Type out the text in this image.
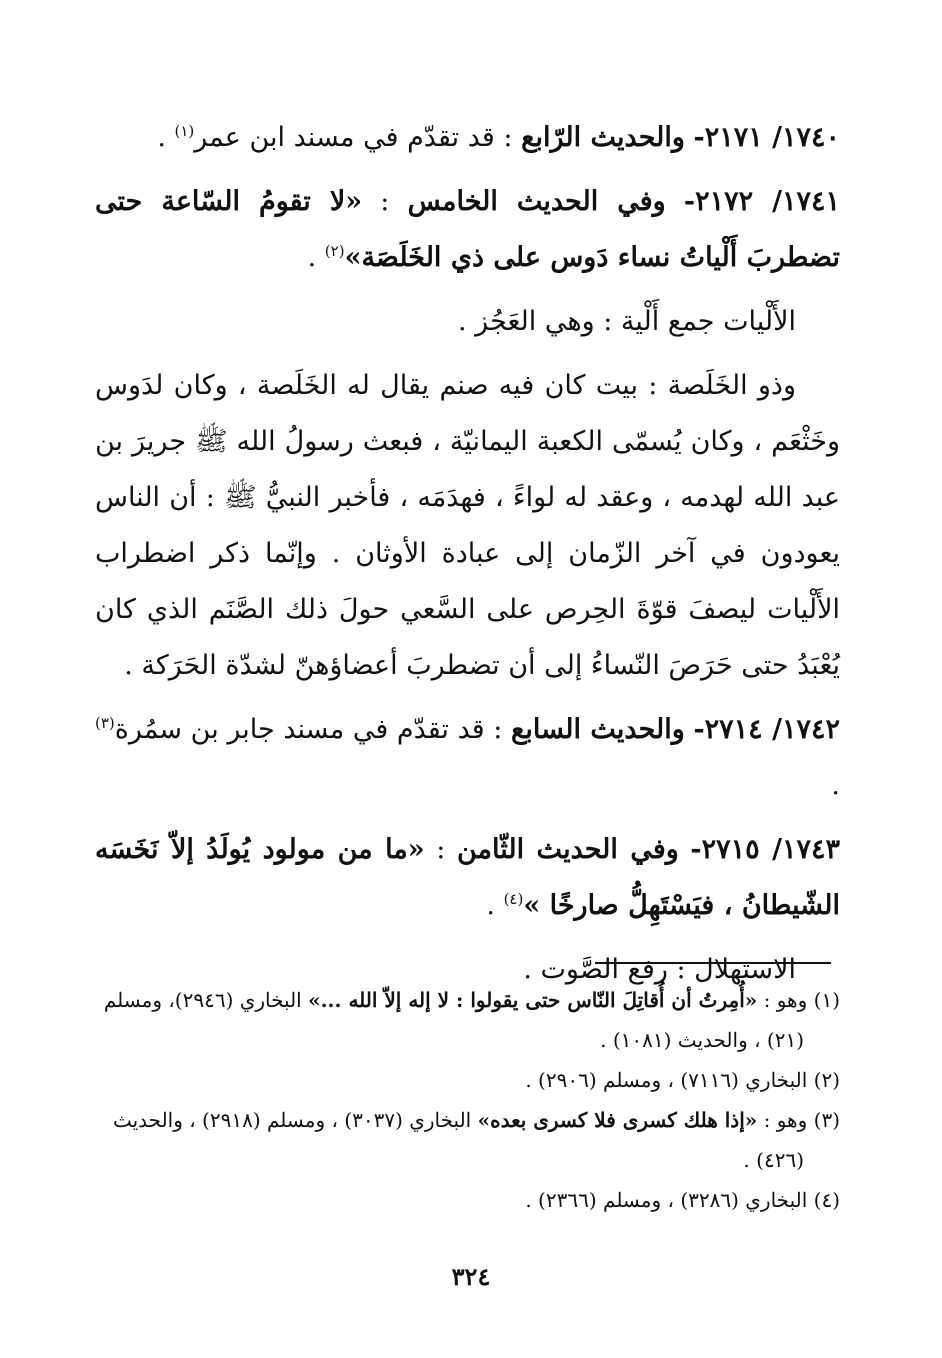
١٧٤٠/ ٢١٧١- والحديث الرّابع : قد تقدّم في مسند ابن عمر$^{(١)}$ .

١٧٤١/ ٢١٧٢- وفي الحديث الخامس : «لا تقومُ السّاعة حتى تضطربَ أَلْياتُ نساء دَوس على ذي الخَلَصَة»$^{(٢)}$ .

الأَلْيات جمع أَلْية : وهي العَجُز .

وذو الخَلَصة : بيت كان فيه صنم يقال له الخَلَصة ، وكان لدَوس وخَثْعَم ، وكان يُسمّى الكعبة اليمانيّة ، فبعث رسولُ الله ﷺ جريرَ بن عبد الله لهدمه ، وعقد له لواءً ، فهدَمَه ، فأخبر النبيُّ ﷺ : أن الناس يعودون في آخر الزّمان إلى عبادة الأوثان . وإنّما ذكر اضطراب الأَلْيات ليصفَ قوّةَ الحِرص على السَّعي حولَ ذلك الصَّنَم الذي كان يُعْبَدُ حتى حَرَصَ النّساءُ إلى أن تضطربَ أعضاؤهنّ لشدّة الحَرَكة .

١٧٤٢/ ٢٧١٤- والحديث السابع : قد تقدّم في مسند جابر بن سمُرة$^{(٣)}$ .

١٧٤٣/ ٢٧١٥- وفي الحديث الثّامن : «ما من مولود يُولَدُ إلاّ نَخَسَه الشّيطانُ ، فيَسْتَهِلُّ صارخًا »$^{(٤)}$ .

الاستهلال : رفع الصَّوت .

(١) وهو : «أُمِرتُ أن أُقاتِلَ النّاس حتى يقولوا : لا إله إلاّ الله ...» البخاري (٢٩٤٦)، ومسلم (٢١) ، والحديث (١٠٨١) .

(٢) البخاري (٧١١٦) ، ومسلم (٢٩٠٦) .

(٣) وهو : «إذا هلك كسرى فلا كسرى بعده» البخاري (٣٠٣٧) ، ومسلم (٢٩١٨) ، والحديث (٤٢٦) .

(٤) البخاري (٣٢٨٦) ، ومسلم (٢٣٦٦) .

٣٢٤
